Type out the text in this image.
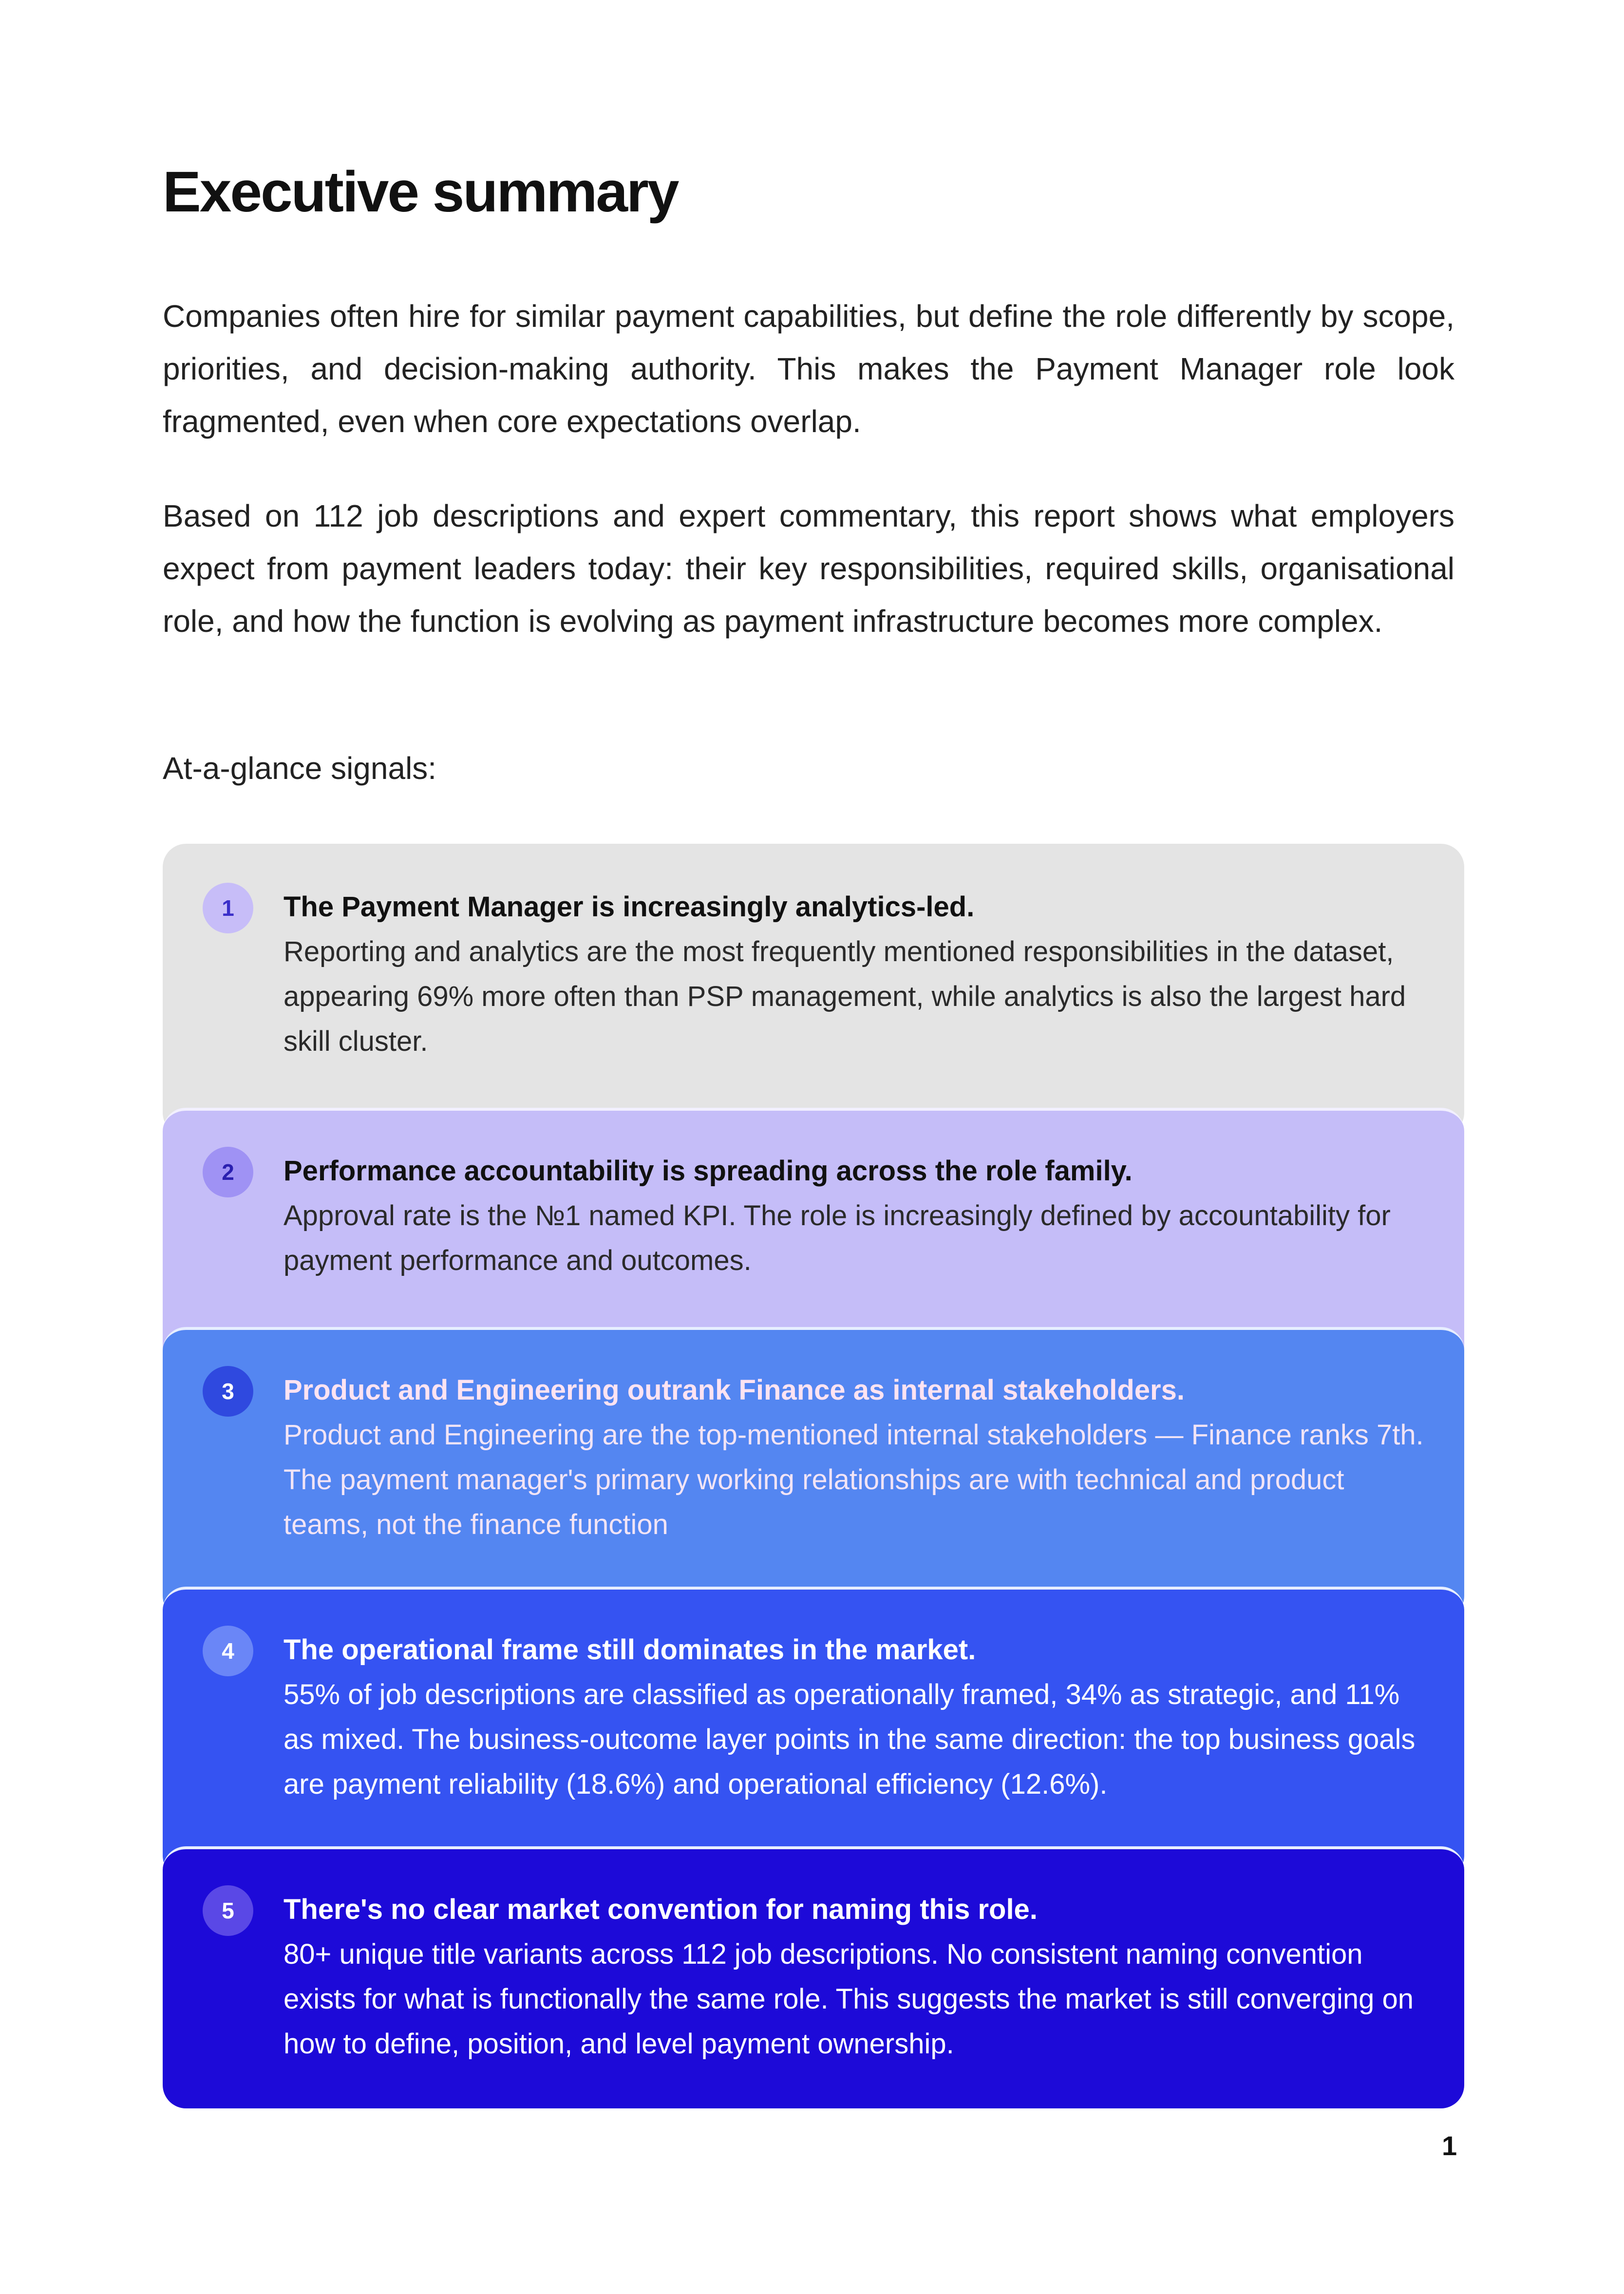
Executive summary

Companies often hire for similar payment capabilities, but define the role differently by scope, priorities, and decision-making authority. This makes the Payment Manager role look fragmented, even when core expectations overlap.

Based on 112 job descriptions and expert commentary, this report shows what employers expect from payment leaders today: their key responsibilities, required skills, organisational role, and how the function is evolving as payment infrastructure becomes more complex.

At-a-glance signals:

1	The Payment Manager is increasingly analytics-led.
Reporting and analytics are the most frequently mentioned responsibilities in the dataset, appearing 69% more often than PSP management, while analytics is also the largest hard skill cluster.
2	Performance accountability is spreading across the role family.
Approval rate is the №1 named KPI. The role is increasingly defined by accountability for payment performance and outcomes.
3	Product and Engineering outrank Finance as internal stakeholders.
Product and Engineering are the top-mentioned internal stakeholders — Finance ranks 7th. The payment manager's primary working relationships are with technical and product teams, not the finance function
4	The operational frame still dominates in the market.
55% of job descriptions are classified as operationally framed, 34% as strategic, and 11% as mixed. The business-outcome layer points in the same direction: the top business goals are payment reliability (18.6%) and operational efficiency (12.6%).
5	There's no clear market convention for naming this role.
80+ unique title variants across 112 job descriptions. No consistent naming convention exists for what is functionally the same role. This suggests the market is still converging on how to define, position, and level payment ownership.
1
